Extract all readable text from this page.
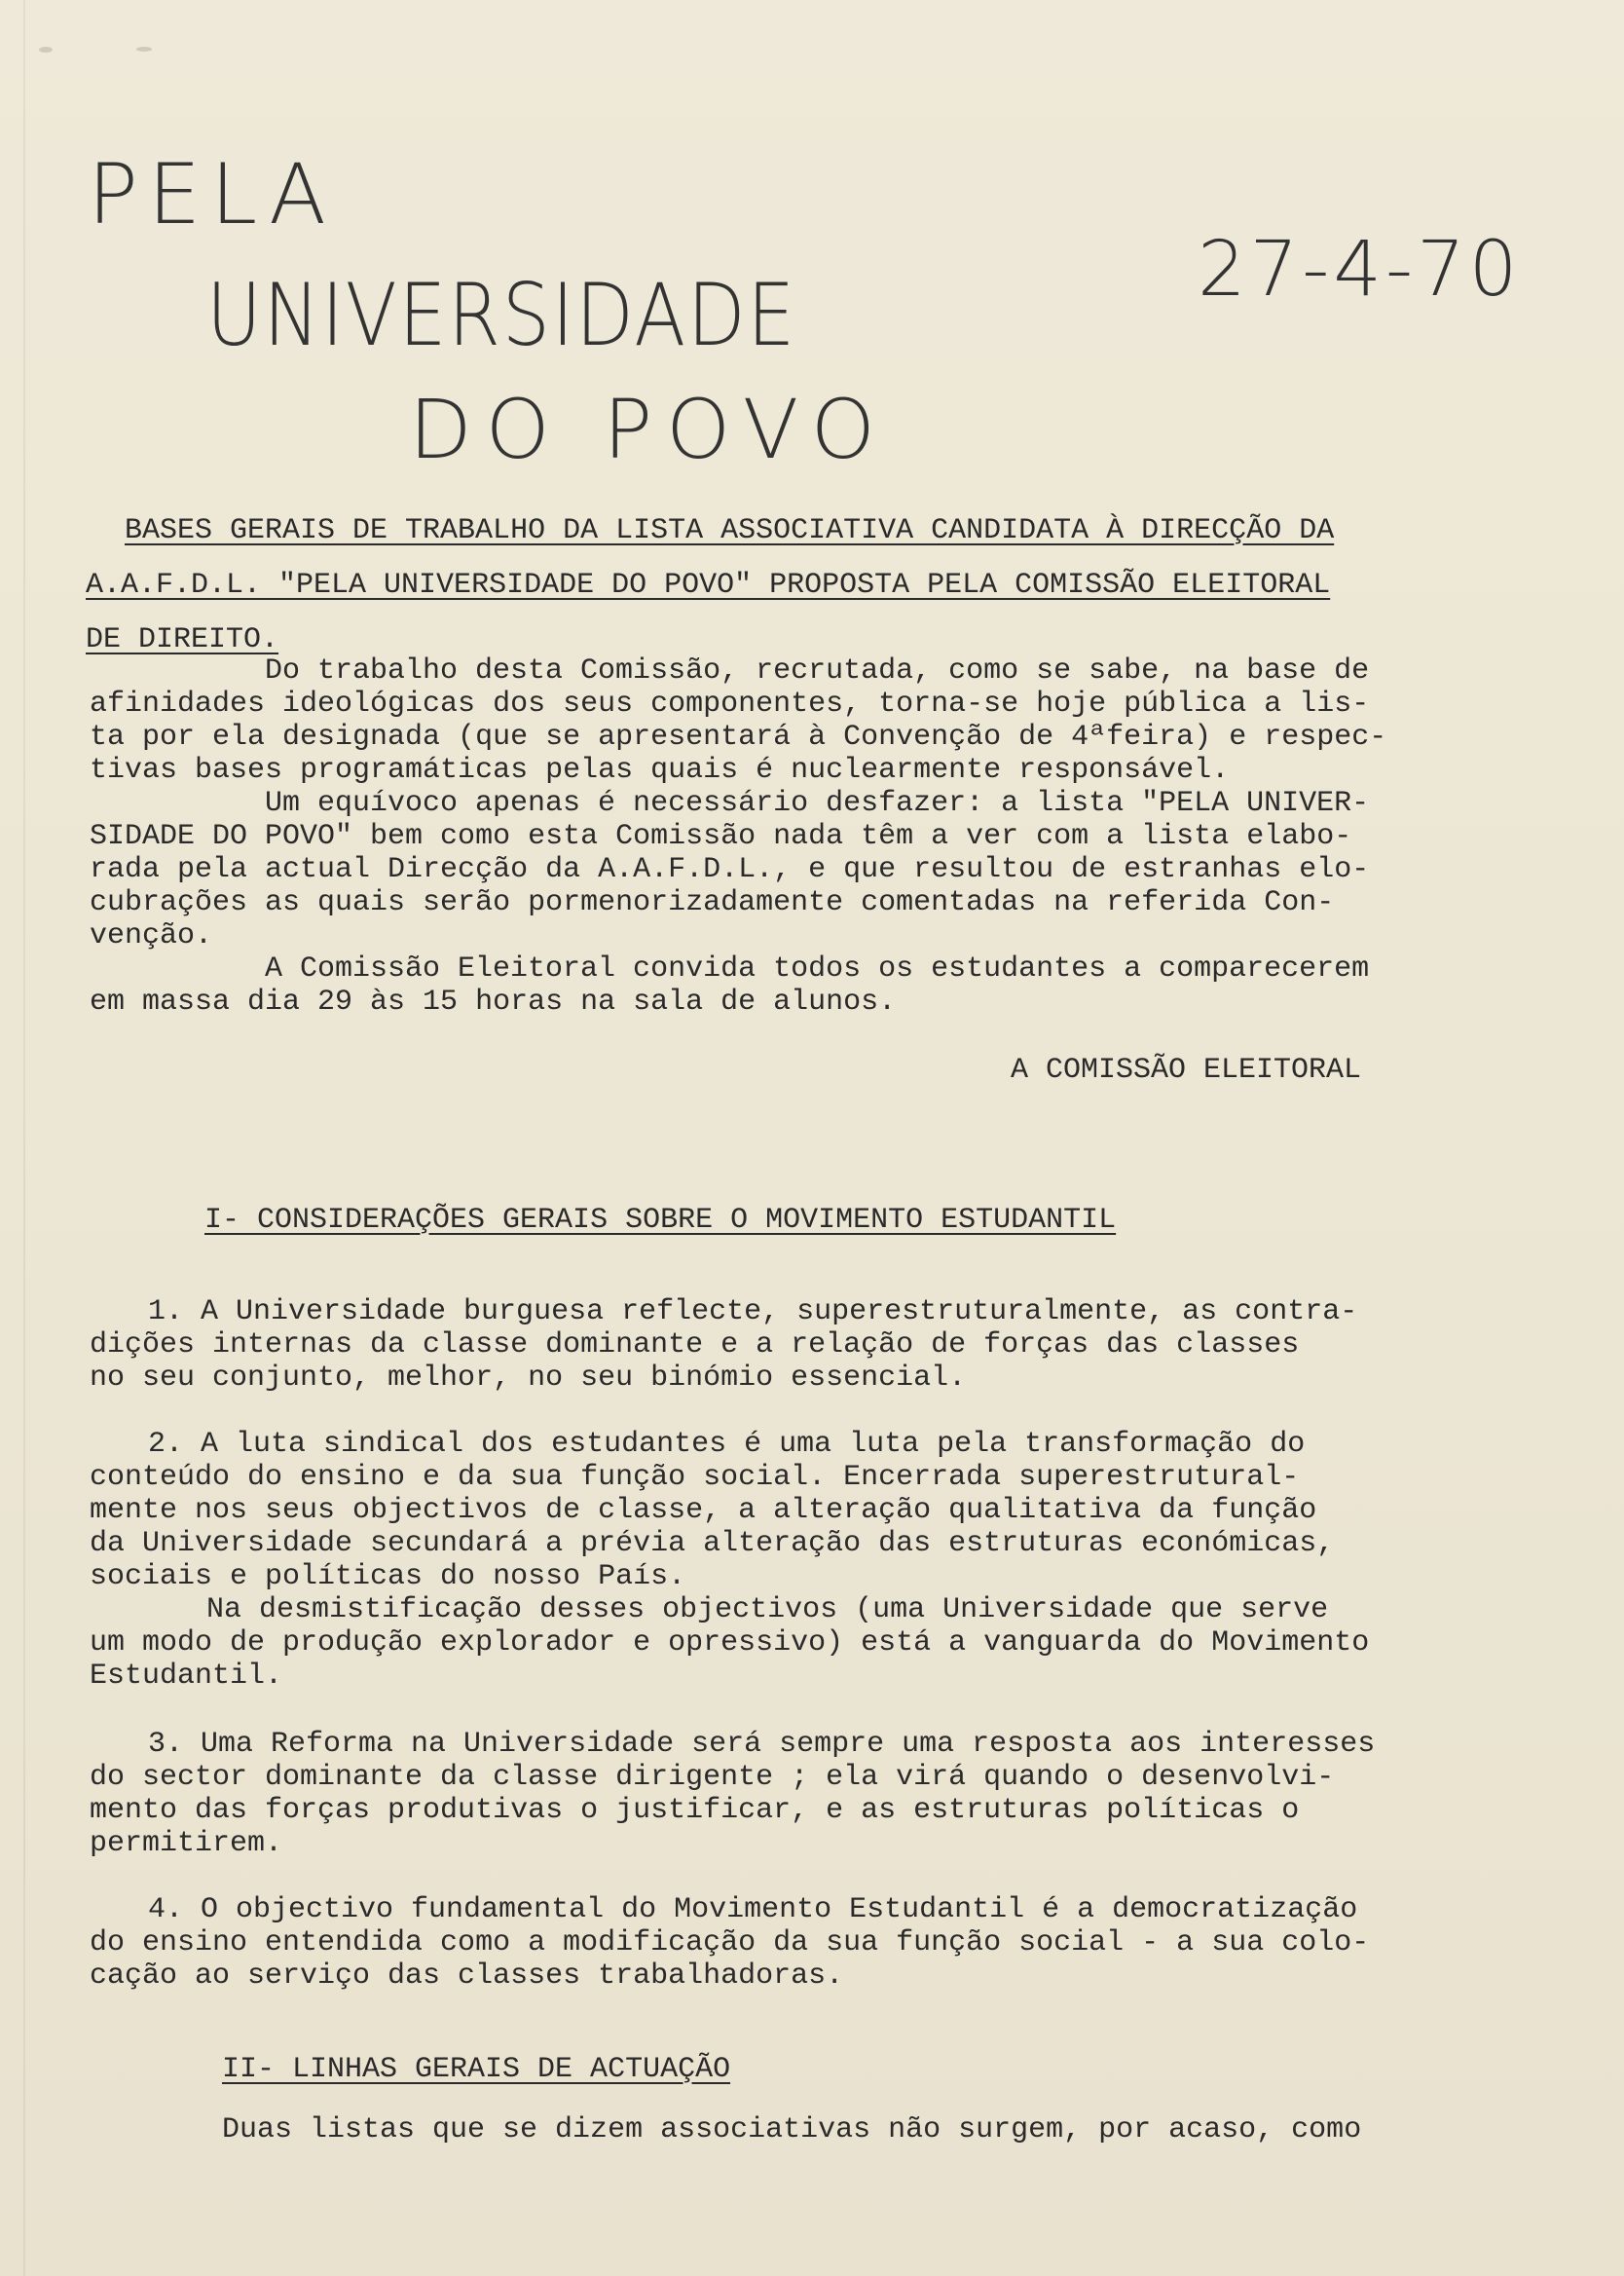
PELA
UNIVERSIDADE
DO POVO
27-4-70
BASES GERAIS DE TRABALHO DA LISTA ASSOCIATIVA CANDIDATA À DIRECÇÃO DA
A.A.F.D.L. "PELA UNIVERSIDADE DO POVO" PROPOSTA PELA COMISSÃO ELEITORAL
DE DIREITO.
Do trabalho desta Comissão, recrutada, como se sabe, na base de
afinidades ideológicas dos seus componentes, torna-se hoje pública a lis-
ta por ela designada (que se apresentará à Convenção de 4ªfeira) e respec-
tivas bases programáticas pelas quais é nuclearmente responsável.
Um equívoco apenas é necessário desfazer: a lista "PELA UNIVER-
SIDADE DO POVO" bem como esta Comissão nada têm a ver com a lista elabo-
rada pela actual Direcção da A.A.F.D.L., e que resultou de estranhas elo-
cubrações as quais serão pormenorizadamente comentadas na referida Con-
venção.
A Comissão Eleitoral convida todos os estudantes a comparecerem
em massa dia 29 às 15 horas na sala de alunos.
A COMISSÃO ELEITORAL
I- CONSIDERAÇÕES GERAIS SOBRE O MOVIMENTO ESTUDANTIL
1. A Universidade burguesa reflecte, superestruturalmente, as contra-
dições internas da classe dominante e a relação de forças das classes
no seu conjunto, melhor, no seu binómio essencial.
2. A luta sindical dos estudantes é uma luta pela transformação do
conteúdo do ensino e da sua função social. Encerrada superestrutural-
mente nos seus objectivos de classe, a alteração qualitativa da função
da Universidade secundará a prévia alteração das estruturas económicas,
sociais e políticas do nosso País.
Na desmistificação desses objectivos (uma Universidade que serve
um modo de produção explorador e opressivo) está a vanguarda do Movimento
Estudantil.
3. Uma Reforma na Universidade será sempre uma resposta aos interesses
do sector dominante da classe dirigente ; ela virá quando o desenvolvi-
mento das forças produtivas o justificar, e as estruturas políticas o
permitirem.
4. O objectivo fundamental do Movimento Estudantil é a democratização
do ensino entendida como a modificação da sua função social - a sua colo-
cação ao serviço das classes trabalhadoras.
II- LINHAS GERAIS DE ACTUAÇÃO
Duas listas que se dizem associativas não surgem, por acaso, como
